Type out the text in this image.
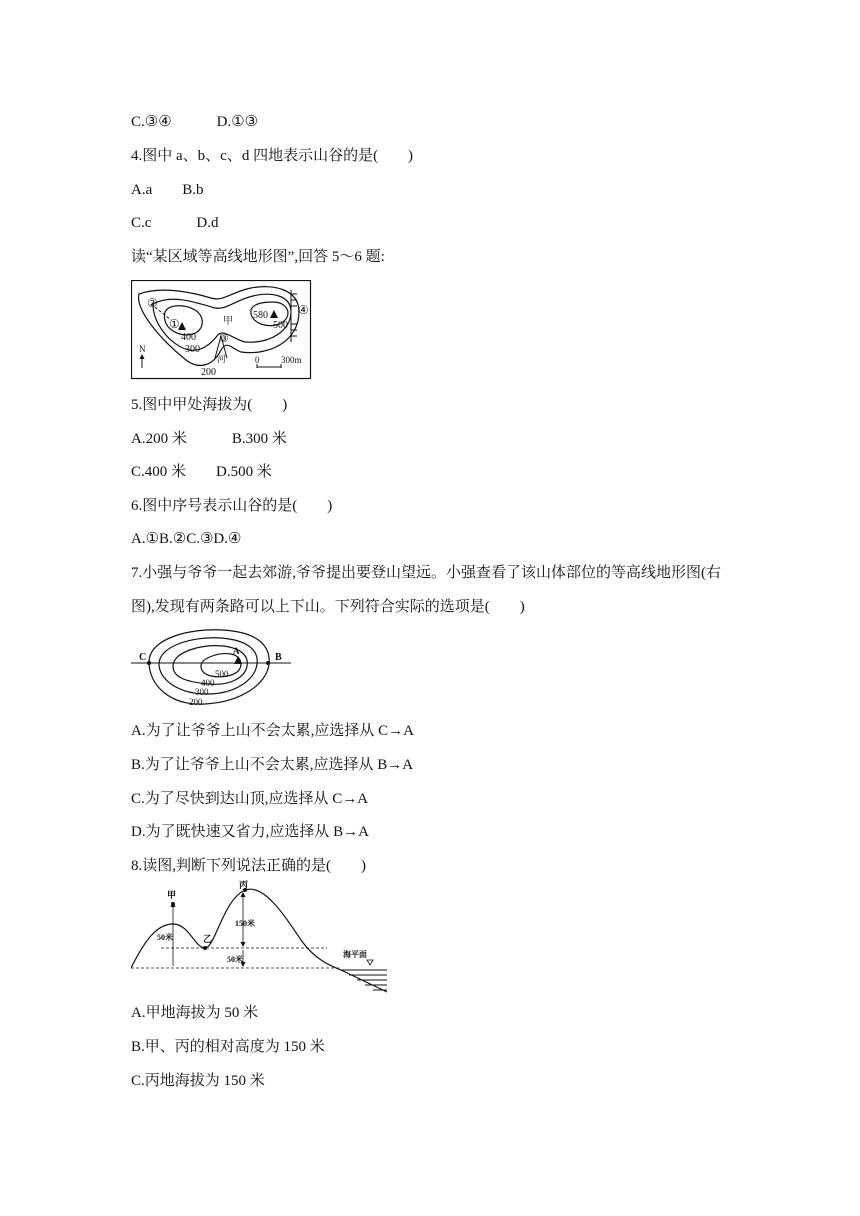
C.③④　　　D.①③
4.图中 a、b、c、d 四地表示山谷的是(　　)
A.a　　B.b
C.c　　　D.d
读“某区域等高线地形图”,回答 5～6 题:
②
①
③
④
甲
580
500
400
300
200
河
N
0 300m
5.图中甲处海拔为(　　)
A.200 米　　　B.300 米
C.400 米　　D.500 米
6.图中序号表示山谷的是(　　)
A.①B.②C.③D.④
7.小强与爷爷一起去郊游,爷爷提出要登山望远。小强查看了该山体部位的等高线地形图(右
图),发现有两条路可以上下山。下列符合实际的选项是(　　)
C	B
A
500
400
300
200
A.为了让爷爷上山不会太累,应选择从 C→A
B.为了让爷爷上山不会太累,应选择从 B→A
C.为了尽快到达山顶,应选择从 C→A
D.为了既快速又省力,应选择从 B→A
8.读图,判断下列说法正确的是(　　)
丙
甲
乙
50米
150米
50米
海平面
A.甲地海拔为 50 米
B.甲、丙的相对高度为 150 米
C.丙地海拔为 150 米
